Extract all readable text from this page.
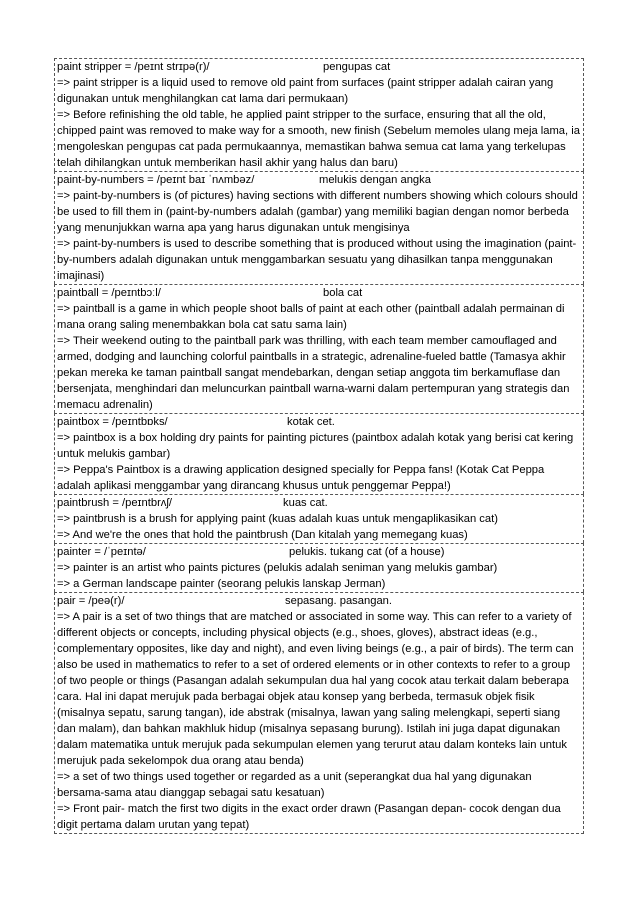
paint stripper = /peɪnt strɪpə(r)/	pengupas cat

=> paint stripper is a liquid used to remove old paint from surfaces (paint stripper adalah cairan yang digunakan untuk menghilangkan cat lama dari permukaan)

=> Before refinishing the old table, he applied paint stripper to the surface, ensuring that all the old, chipped paint was removed to make way for a smooth, new finish (Sebelum memoles ulang meja lama, ia mengoleskan pengupas cat pada permukaannya, memastikan bahwa semua cat lama yang terkelupas telah dihilangkan untuk memberikan hasil akhir yang halus dan baru)

paint-by-numbers = /peɪnt baɪ ˈnʌmbəz/	melukis dengan angka

=> paint-by-numbers is (of pictures) having sections with different numbers showing which colours should be used to fill them in (paint-by-numbers adalah (gambar) yang memiliki bagian dengan nomor berbeda yang menunjukkan warna apa yang harus digunakan untuk mengisinya

=> paint-by-numbers is used to describe something that is produced without using the imagination (paint-by-numbers adalah digunakan untuk menggambarkan sesuatu yang dihasilkan tanpa menggunakan imajinasi)

paintball = /peɪntbɔːl/	bola cat

=> paintball is a game in which people shoot balls of paint at each other (paintball adalah permainan di mana orang saling menembakkan bola cat satu sama lain)

=> Their weekend outing to the paintball park was thrilling, with each team member camouflaged and armed, dodging and launching colorful paintballs in a strategic, adrenaline-fueled battle (Tamasya akhir pekan mereka ke taman paintball sangat mendebarkan, dengan setiap anggota tim berkamuflase dan bersenjata, menghindari dan meluncurkan paintball warna-warni dalam pertempuran yang strategis dan memacu adrenalin)

paintbox = /peɪntbɒks/	kotak cet.

=> paintbox is a box holding dry paints for painting pictures (paintbox adalah kotak yang berisi cat kering untuk melukis gambar)

=> Peppa's Paintbox is a drawing application designed specially for Peppa fans! (Kotak Cat Peppa adalah aplikasi menggambar yang dirancang khusus untuk penggemar Peppa!)

paintbrush = /peɪntbrʌʃ/	kuas cat.

=> paintbrush is a brush for applying paint (kuas adalah kuas untuk mengaplikasikan cat)

=> And we're the ones that hold the paintbrush (Dan kitalah yang memegang kuas)

painter = /ˈpeɪntə/	pelukis. tukang cat (of a house)

=> painter is an artist who paints pictures (pelukis adalah seniman yang melukis gambar)

=> a German landscape painter (seorang pelukis lanskap Jerman)

pair = /peə(r)/	sepasang. pasangan.

=> A pair is a set of two things that are matched or associated in some way. This can refer to a variety of different objects or concepts, including physical objects (e.g., shoes, gloves), abstract ideas (e.g., complementary opposites, like day and night), and even living beings (e.g., a pair of birds). The term can also be used in mathematics to refer to a set of ordered elements or in other contexts to refer to a group of two people or things (Pasangan adalah sekumpulan dua hal yang cocok atau terkait dalam beberapa cara. Hal ini dapat merujuk pada berbagai objek atau konsep yang berbeda, termasuk objek fisik (misalnya sepatu, sarung tangan), ide abstrak (misalnya, lawan yang saling melengkapi, seperti siang dan malam), dan bahkan makhluk hidup (misalnya sepasang burung). Istilah ini juga dapat digunakan dalam matematika untuk merujuk pada sekumpulan elemen yang terurut atau dalam konteks lain untuk merujuk pada sekelompok dua orang atau benda)

=> a set of two things used together or regarded as a unit (seperangkat dua hal yang digunakan bersama-sama atau dianggap sebagai satu kesatuan)

=> Front pair- match the first two digits in the exact order drawn (Pasangan depan- cocok dengan dua digit pertama dalam urutan yang tepat)
